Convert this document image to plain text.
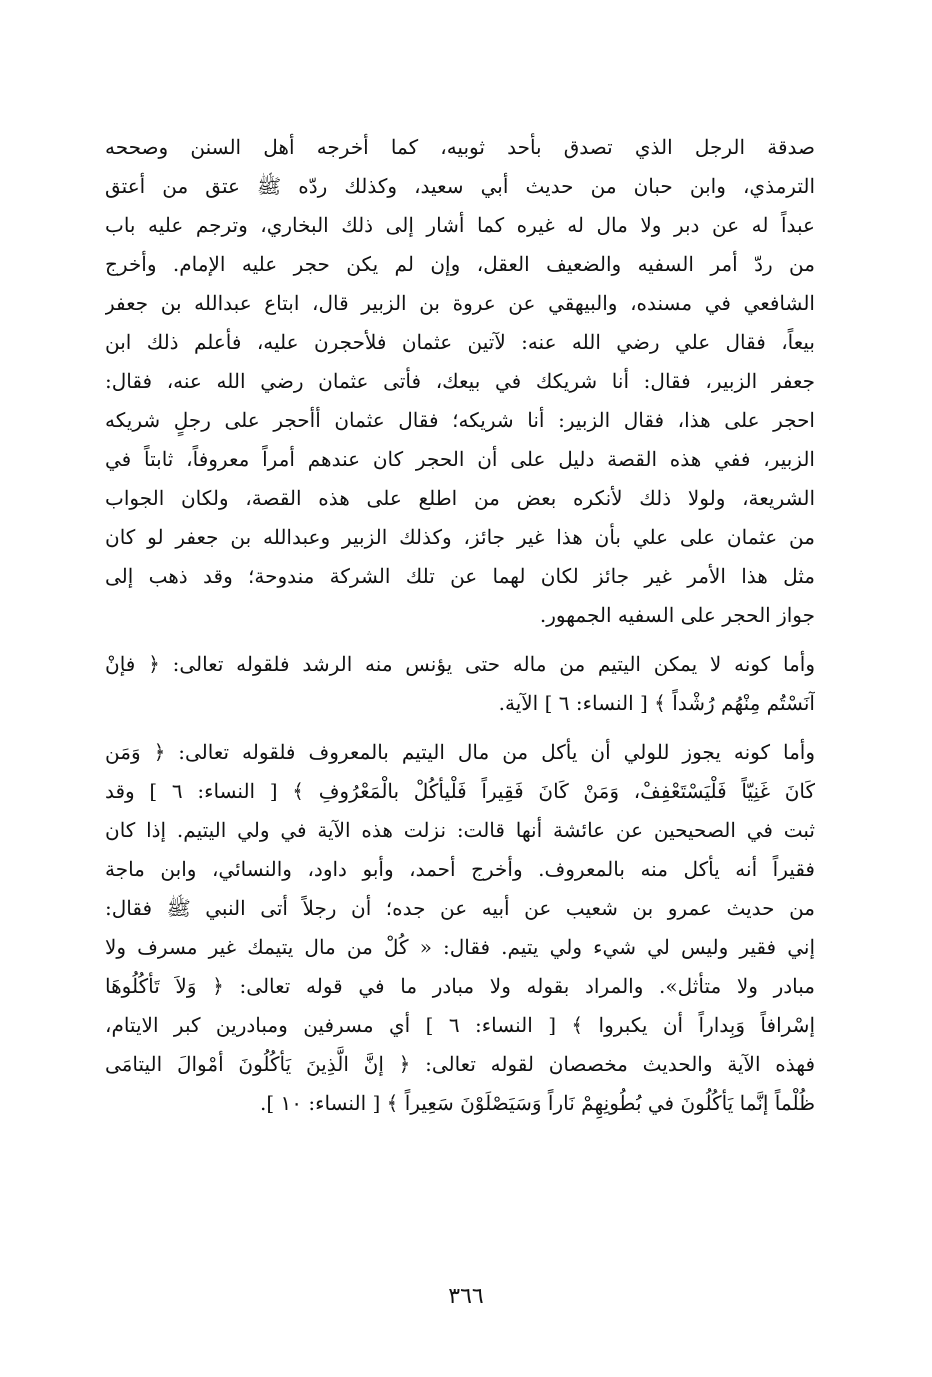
صدقة الرجل الذي تصدق بأحد ثوبيه، كما أخرجه أهل السنن وصححه
الترمذي، وابن حبان من حديث أبي سعيد، وكذلك ردّه ﷺ عتق من أعتق
عبداً له عن دبر ولا مال له غيره كما أشار إلى ذلك البخاري، وترجم عليه باب
من ردّ أمر السفيه والضعيف العقل، وإن لم يكن حجر عليه الإمام. وأخرج
الشافعي في مسنده، والبيهقي عن عروة بن الزبير قال، ابتاع عبدالله بن جعفر
بيعاً، فقال علي رضي الله عنه: لآتين عثمان فلأحجرن عليه، فأعلم ذلك ابن
جعفر الزبير، فقال: أنا شريكك في بيعك، فأتى عثمان رضي الله عنه، فقال:
احجر على هذا، فقال الزبير: أنا شريكه؛ فقال عثمان أأحجر على رجلٍ شريكه
الزبير، ففي هذه القصة دليل على أن الحجر كان عندهم أمراً معروفاً، ثابتاً في
الشريعة، ولولا ذلك لأنكره بعض من اطلع على هذه القصة، ولكان الجواب
من عثمان على علي بأن هذا غير جائز، وكذلك الزبير وعبدالله بن جعفر لو كان
مثل هذا الأمر غير جائز لكان لهما عن تلك الشركة مندوحة؛ وقد ذهب إلى
جواز الحجر على السفيه الجمهور.
وأما كونه لا يمكن اليتيم من ماله حتى يؤنس منه الرشد فلقوله تعالى: ﴿ فإنْ
آنَسْتُم مِنْهُم رُشْداً ﴾ [ النساء: ٦ ] الآية.
وأما كونه يجوز للولي أن يأكل من مال اليتيم بالمعروف فلقوله تعالى: ﴿ وَمَن
كَانَ غَنِيّاً فَلْيَسْتَعْفِفْ، وَمَنْ كَانَ فَقِيراً فَلْيأكُلْ بالْمَعْرُوفِ ﴾ [ النساء: ٦ ] وقد
ثبت في الصحيحين عن عائشة أنها قالت: نزلت هذه الآية في ولي اليتيم. إذا كان
فقيراً أنه يأكل منه بالمعروف. وأخرج أحمد، وأبو داود، والنسائي، وابن ماجة
من حديث عمرو بن شعيب عن أبيه عن جده؛ أن رجلاً أتى النبي ﷺ فقال:
إني فقير وليس لي شيء ولي يتيم. فقال: « كُلْ من مال يتيمك غير مسرف ولا
مبادر ولا متأثل». والمراد بقوله ولا مبادر ما في قوله تعالى: ﴿ وَلاَ تَأكُلُوهَا
إسْرافاً وَبِداراً أن يكبروا ﴾ [ النساء: ٦ ] أي مسرفين ومبادرين كبر الايتام،
فهذه الآية والحديث مخصصان لقوله تعالى: ﴿ إنَّ الَّذِينَ يَأكُلُونَ أمْوالَ اليتامَى
ظُلْماً إنَّما يَأكُلُونَ في بُطُونِهِمْ نَاراً وَسَيَصْلَوْنَ سَعِيراً ﴾ [ النساء: ١٠ ].
٣٦٦
